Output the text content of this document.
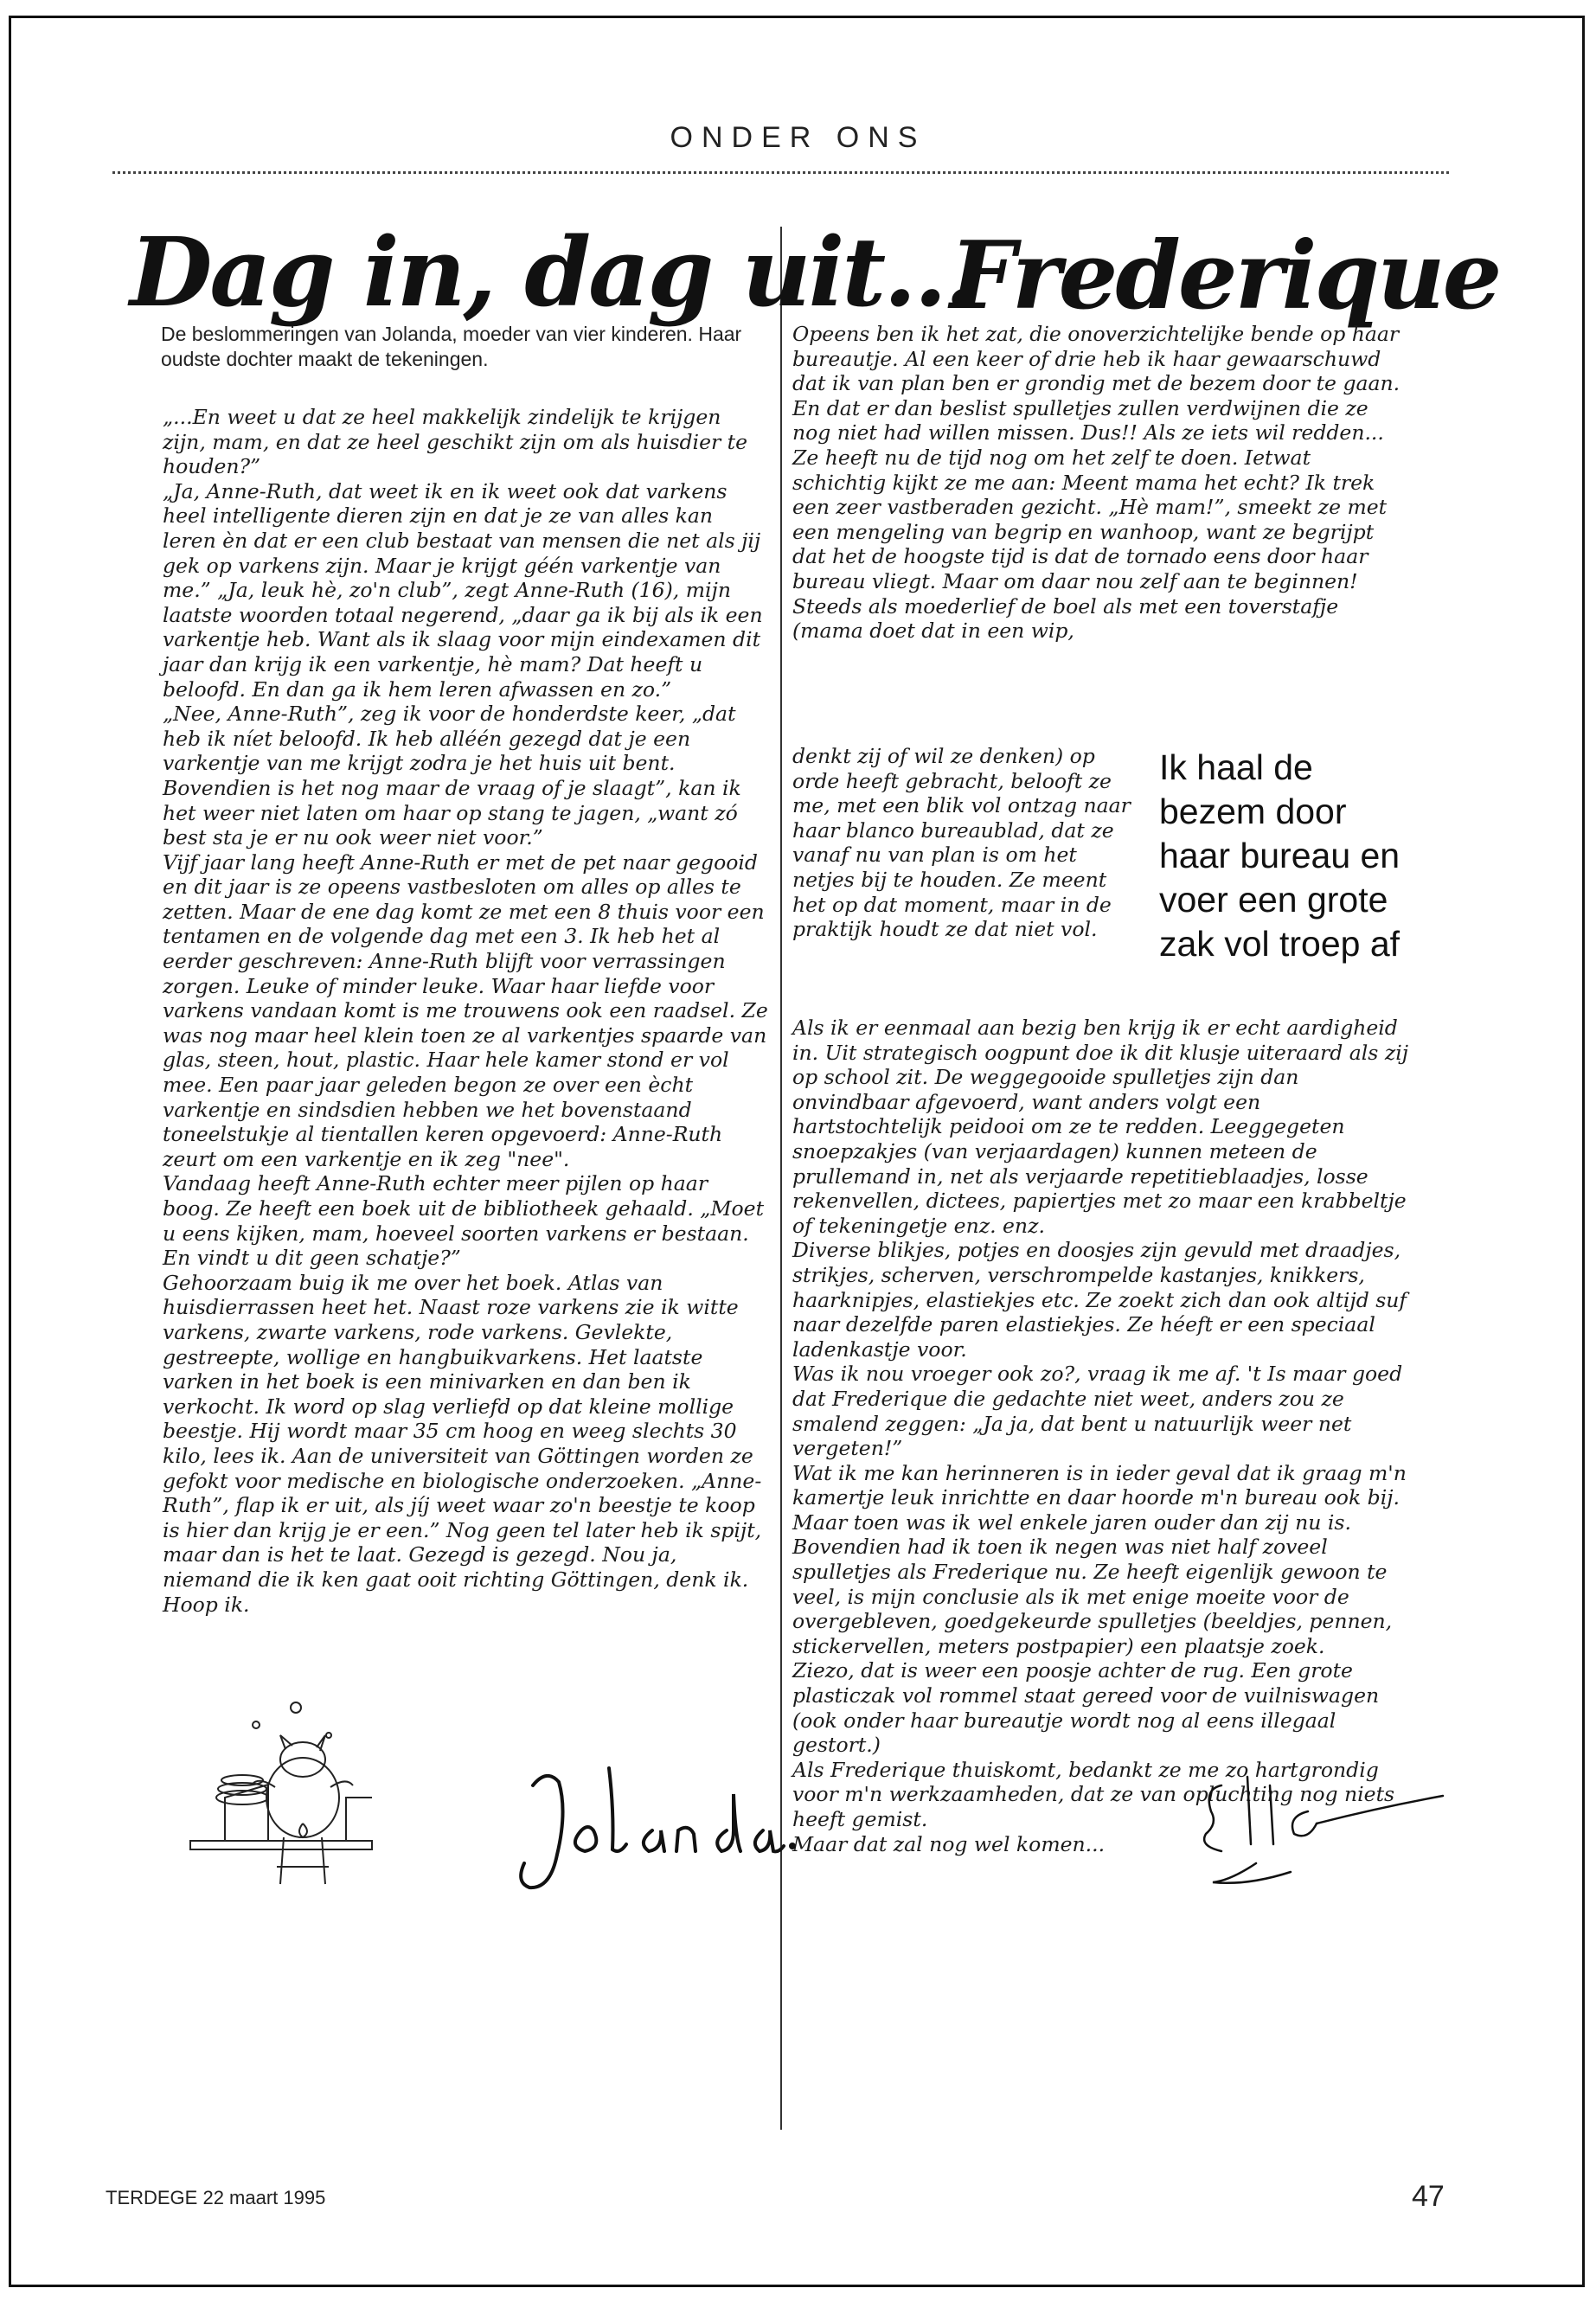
ONDER ONS
Dag in, dag uit...
Frederique
De beslommeringen van Jolanda, moeder van vier kinderen. Haar oudste dochter maakt de tekeningen.

„...En weet u dat ze heel makkelijk zindelijk te krijgen zijn, mam, en dat ze heel geschikt zijn om als huisdier te houden?”

„Ja, Anne-Ruth, dat weet ik en ik weet ook dat varkens heel intelligente dieren zijn en dat je ze van alles kan leren èn dat er een club bestaat van mensen die net als jij gek op varkens zijn. Maar je krijgt géén varkentje van me.” „Ja, leuk hè, zo'n club”, zegt Anne-Ruth (16), mijn laatste woorden totaal negerend, „daar ga ik bij als ik een varkentje heb. Want als ik slaag voor mijn eindexamen dit jaar dan krijg ik een varkentje, hè mam? Dat heeft u beloofd. En dan ga ik hem leren afwassen en zo.”

„Nee, Anne-Ruth”, zeg ik voor de honderdste keer, „dat heb ik níet beloofd. Ik heb alléén gezegd dat je een varkentje van me krijgt zodra je het huis uit bent. Bovendien is het nog maar de vraag of je slaagt”, kan ik het weer niet laten om haar op stang te jagen, „want zó best sta je er nu ook weer niet voor.”

Vijf jaar lang heeft Anne-Ruth er met de pet naar gegooid en dit jaar is ze opeens vastbesloten om alles op alles te zetten. Maar de ene dag komt ze met een 8 thuis voor een tentamen en de volgende dag met een 3. Ik heb het al eerder geschreven: Anne-Ruth blijft voor verrassingen zorgen. Leuke of minder leuke. Waar haar liefde voor varkens vandaan komt is me trouwens ook een raadsel. Ze was nog maar heel klein toen ze al varkentjes spaarde van glas, steen, hout, plastic. Haar hele kamer stond er vol mee. Een paar jaar geleden begon ze over een ècht varkentje en sindsdien hebben we het bovenstaand toneelstukje al tientallen keren opgevoerd: Anne-Ruth zeurt om een varkentje en ik zeg "nee".

Vandaag heeft Anne-Ruth echter meer pijlen op haar boog. Ze heeft een boek uit de bibliotheek gehaald. „Moet u eens kijken, mam, hoeveel soorten varkens er bestaan. En vindt u dit geen schatje?”

Gehoorzaam buig ik me over het boek. Atlas van huisdierrassen heet het. Naast roze varkens zie ik witte varkens, zwarte varkens, rode varkens. Gevlekte, gestreepte, wollige en hangbuikvarkens. Het laatste varken in het boek is een minivarken en dan ben ik verkocht. Ik word op slag verliefd op dat kleine mollige beestje. Hij wordt maar 35 cm hoog en weeg slechts 30 kilo, lees ik. Aan de universiteit van Göttingen worden ze gefokt voor medische en biologische onderzoeken. „Anne-Ruth”, flap ik er uit, als jíj weet waar zo'n beestje te koop is hier dan krijg je er een.” Nog geen tel later heb ik spijt, maar dan is het te laat. Gezegd is gezegd. Nou ja, niemand die ik ken gaat ooit richting Göttingen, denk ik. Hoop ik.

Opeens ben ik het zat, die onoverzichtelijke bende op haar bureautje. Al een keer of drie heb ik haar gewaarschuwd dat ik van plan ben er grondig met de bezem door te gaan. En dat er dan beslist spulletjes zullen verdwijnen die ze nog niet had willen missen. Dus!! Als ze iets wil redden... Ze heeft nu de tijd nog om het zelf te doen. Ietwat schichtig kijkt ze me aan: Meent mama het echt? Ik trek een zeer vastberaden gezicht. „Hè mam!”, smeekt ze met een mengeling van begrip en wanhoop, want ze begrijpt dat het de hoogste tijd is dat de tornado eens door haar bureau vliegt. Maar om daar nou zelf aan te beginnen! Steeds als moederlief de boel als met een toverstafje (mama doet dat in een wip,

denkt zij of wil ze denken) op orde heeft gebracht, belooft ze me, met een blik vol ontzag naar haar blanco bureaublad, dat ze vanaf nu van plan is om het netjes bij te houden. Ze meent het op dat moment, maar in de praktijk houdt ze dat niet vol.

Ik haal de bezem door haar bureau en voer een grote zak vol troep af

Als ik er eenmaal aan bezig ben krijg ik er echt aardigheid in. Uit strategisch oogpunt doe ik dit klusje uiteraard als zij op school zit. De weggegooide spulletjes zijn dan onvindbaar afgevoerd, want anders volgt een hartstochtelijk peidooi om ze te redden. Leeggegeten snoepzakjes (van verjaardagen) kunnen meteen de prullemand in, net als verjaarde repetitieblaadjes, losse rekenvellen, dictees, papiertjes met zo maar een krabbeltje of tekeningetje enz. enz.

Diverse blikjes, potjes en doosjes zijn gevuld met draadjes, strikjes, scherven, verschrompelde kastanjes, knikkers, haarknipjes, elastiekjes etc. Ze zoekt zich dan ook altijd suf naar dezelfde paren elastiekjes. Ze héeft er een speciaal ladenkastje voor.

Was ik nou vroeger ook zo?, vraag ik me af. 't Is maar goed dat Frederique die gedachte niet weet, anders zou ze smalend zeggen: „Ja ja, dat bent u natuurlijk weer net vergeten!”

Wat ik me kan herinneren is in ieder geval dat ik graag m'n kamertje leuk inrichtte en daar hoorde m'n bureau ook bij. Maar toen was ik wel enkele jaren ouder dan zij nu is.

Bovendien had ik toen ik negen was niet half zoveel spulletjes als Frederique nu. Ze heeft eigenlijk gewoon te veel, is mijn conclusie als ik met enige moeite voor de overgebleven, goedgekeurde spulletjes (beeldjes, pennen, stickervellen, meters postpapier) een plaatsje zoek.

Ziezo, dat is weer een poosje achter de rug. Een grote plasticzak vol rommel staat gereed voor de vuilniswagen (ook onder haar bureautje wordt nog al eens illegaal gestort.)

Als Frederique thuiskomt, bedankt ze me zo hartgrondig voor m'n werkzaamheden, dat ze van opluchting nog niets heeft gemist.

Maar dat zal nog wel komen...

TERDEGE 22 maart 1995	47
